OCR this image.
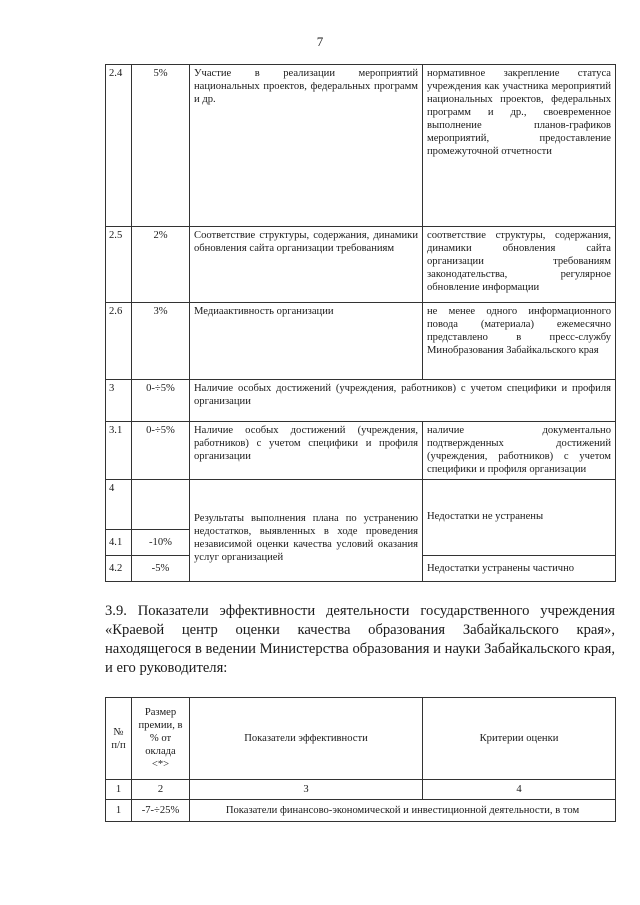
7
2.4	5%	Участие в реализации мероприятий национальных проектов, федеральных программ и др.	нормативное закрепление статуса учреждения как участника мероприятий национальных проектов, федеральных программ и др., своевременное выполнение планов-графиков мероприятий, предоставление промежуточной отчетности
2.5	2%	Соответствие структуры, содержания, динамики обновления сайта организации требованиям	соответствие структуры, содержания, динамики обновления сайта организации требованиям законодательства, регулярное обновление информации
2.6	3%	Медиаактивность организации	не менее одного информационного повода (материала) ежемесячно представлено в пресс-службу Минобразования Забайкальского края
3	0-÷5%	Наличие особых достижений (учреждения, работников) с учетом специфики и профиля организации	
3.1	0-÷5%	Наличие особых достижений (учреждения, работников) с учетом специфики и профиля организации	наличие документально подтвержденных достижений (учреждения, работников) с учетом специфики и профиля организации
4		Результаты выполнения плана по устранению недостатков, выявленных в ходе проведения независимой оценки качества условий оказания услуг организацией	Недостатки не устранены
4.1	-10%		
4.2	-5%		Недостатки устранены частично
3.9. Показатели эффективности деятельности государственного учреждения «Краевой центр оценки качества образования Забайкальского края», находящегося в ведении Министерства образования и науки Забайкальского края, и его руководителя:
№ п/п	Размер премии, в % от оклада <*>	Показатели эффективности	Критерии оценки
1	2	3	4
1	-7-÷25%	Показатели финансово-экономической и инвестиционной деятельности, в том	
